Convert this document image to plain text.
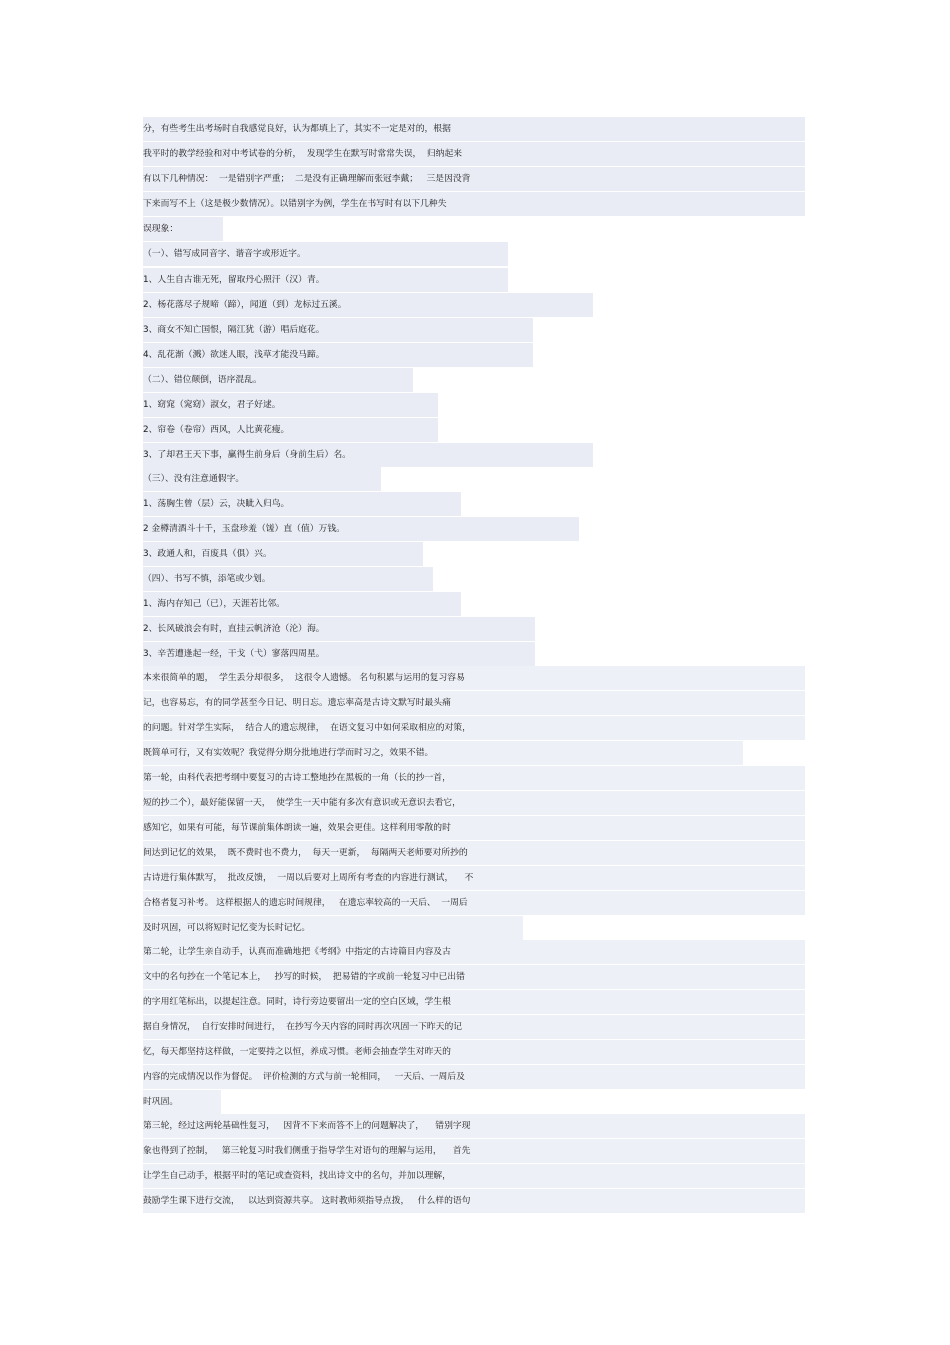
分，有些考生出考场时自我感觉良好，认为都填上了，其实不一定是对的，根据
我平时的教学经验和对中考试卷的分析，  发现学生在默写时常常失误，  归纳起来
有以下几种情况：  一是错别字严重；  二是没有正确理解而张冠李戴；   三是因没背
下来而写不上（这是极少数情况）。以错别字为例，学生在书写时有以下几种失
误现象：
（一）、错写成同音字、谐音字或形近字。
1、人生自古谁无死，留取丹心照汗（汉）青。
2、杨花落尽子规啼（蹄），闻道（到）龙标过五溪。
3、商女不知亡国恨，隔江犹（游）唱后庭花。
4、乱花渐（溅）欲迷人眼，浅草才能没马蹄。
（二）、错位颠倒，语序混乱。
1、窈窕（窕窈）淑女，君子好逑。
2、帘卷（卷帘）西风，人比黄花瘦。
3、了却君王天下事，赢得生前身后（身前生后）名。
（三）、没有注意通假字。
1、荡胸生曾（层）云，决眦入归鸟。
2 金樽清酒斗十千，玉盘珍羞（馐）直（值）万钱。
3、政通人和，百废具（俱）兴。
（四）、书写不慎，添笔或少划。
1、海内存知己（已），天涯若比邻。
2、长风破浪会有时，直挂云帆济沧（沦）海。
3、辛苦遭逢起一经，干戈（弋）寥落四周星。
本来很简单的题，  学生丢分却很多，  这很令人遗憾。 名句积累与运用的复习容易
记，也容易忘，有的同学甚至今日记、明日忘。遗忘率高是古诗文默写时最头痛
的问题。针对学生实际，  结合人的遗忘规律，  在语文复习中如何采取相应的对策，
既简单可行，又有实效呢？我觉得分期分批地进行学而时习之，效果不错。
第一轮，由科代表把考纲中要复习的古诗工整地抄在黑板的一角（长的抄一首，
短的抄二个），最好能保留一天，  使学生一天中能有多次有意识或无意识去看它，
感知它，如果有可能，每节课前集体朗读一遍，效果会更佳。这样利用零散的时
间达到记忆的效果，  既不费时也不费力，  每天一更新，  每隔两天老师要对所抄的
古诗进行集体默写，  批改反馈，  一周以后要对上周所有考查的内容进行测试，    不
合格者复习补考。 这样根据人的遗忘时间规律，   在遗忘率较高的一天后、  一周后
及时巩固，可以将短时记忆变为长时记忆。
第二轮，让学生亲自动手，认真而准确地把《考纲》中指定的古诗篇目内容及古
文中的名句抄在一个笔记本上，   抄写的时候，  把易错的字或前一轮复习中已出错
的字用红笔标出，以提起注意。同时，诗行旁边要留出一定的空白区域，学生根
据自身情况，  自行安排时间进行，  在抄写今天内容的同时再次巩固一下昨天的记
忆，每天都坚持这样做，一定要持之以恒，养成习惯。老师会抽查学生对昨天的
内容的完成情况以作为督促。  评价检测的方式与前一轮相同，   一天后、一周后及
时巩固。
第三轮，经过这两轮基础性复习，   因背不下来而答不上的问题解决了，    错别字现
象也得到了控制，   第三轮复习时我们侧重于指导学生对语句的理解与运用，    首先
让学生自己动手，根据平时的笔记或查资料，找出诗文中的名句，并加以理解，
鼓励学生课下进行交流，   以达到资源共享。 这时教师须指导点拨，   什么样的语句
